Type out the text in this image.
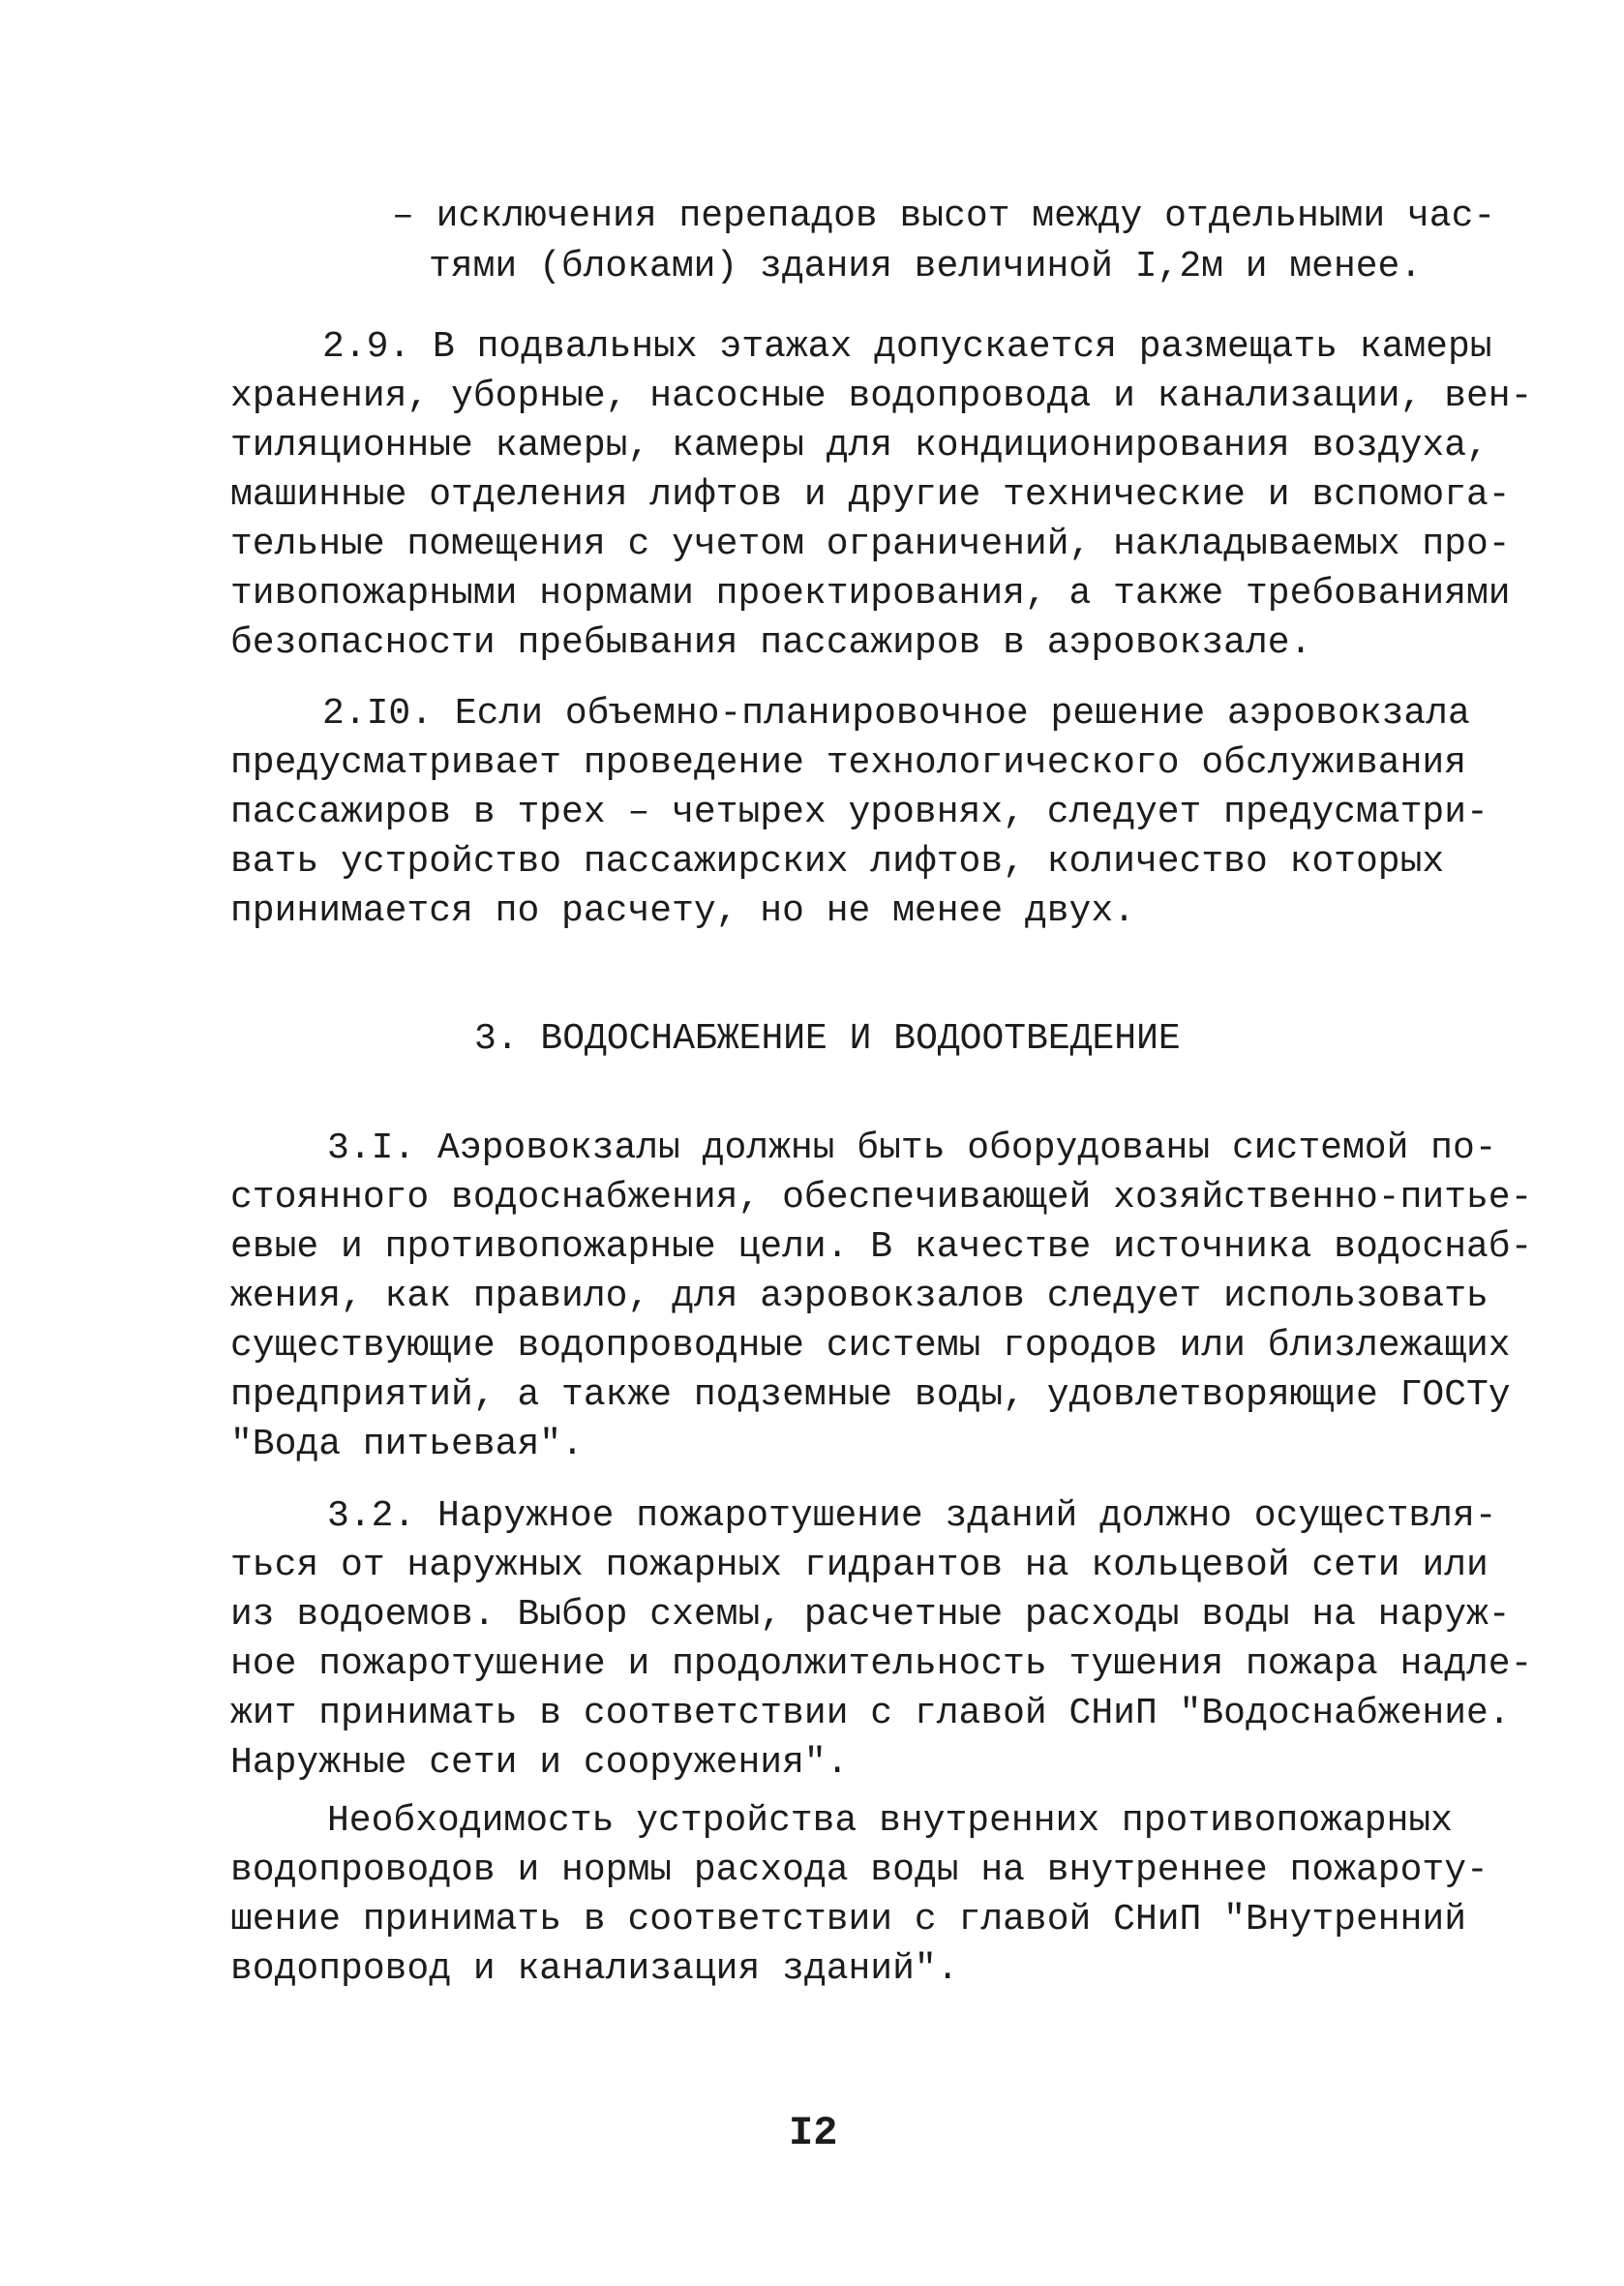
– исключения перепадов высот между отдельными час-
тями (блоками) здания величиной I,2м и менее.
2.9. В подвальных этажах допускается размещать камеры
хранения, уборные, насосные водопровода и канализации, вен-
тиляционные камеры, камеры для кондиционирования воздуха,
машинные отделения лифтов и другие технические и вспомога-
тельные помещения с учетом ограничений, накладываемых про-
тивопожарными нормами проектирования, а также требованиями
безопасности пребывания пассажиров в аэровокзале.
2.I0. Если объемно-планировочное решение аэровокзала
предусматривает проведение технологического обслуживания
пассажиров в трех – четырех уровнях, следует предусматри-
вать устройство пассажирских лифтов, количество которых
принимается по расчету, но не менее двух.
3. ВОДОСНАБЖЕНИЕ И ВОДООТВЕДЕНИЕ
3.I. Аэровокзалы должны быть оборудованы системой по-
стоянного водоснабжения, обеспечивающей хозяйственно-питье-
евые и противопожарные цели. В качестве источника водоснаб-
жения, как правило, для аэровокзалов следует использовать
существующие водопроводные системы городов или близлежащих
предприятий, а также подземные воды, удовлетворяющие ГОСТу
"Вода питьевая".
3.2. Наружное пожаротушение зданий должно осуществля-
ться от наружных пожарных гидрантов на кольцевой сети или
из водоемов. Выбор схемы, расчетные расходы воды на наруж-
ное пожаротушение и продолжительность тушения пожара надле-
жит принимать в соответствии с главой СНиП "Водоснабжение.
Наружные сети и сооружения".
Необходимость устройства внутренних противопожарных
водопроводов и нормы расхода воды на внутреннее пожароту-
шение принимать в соответствии с главой СНиП "Внутренний
водопровод и канализация зданий".
I2
